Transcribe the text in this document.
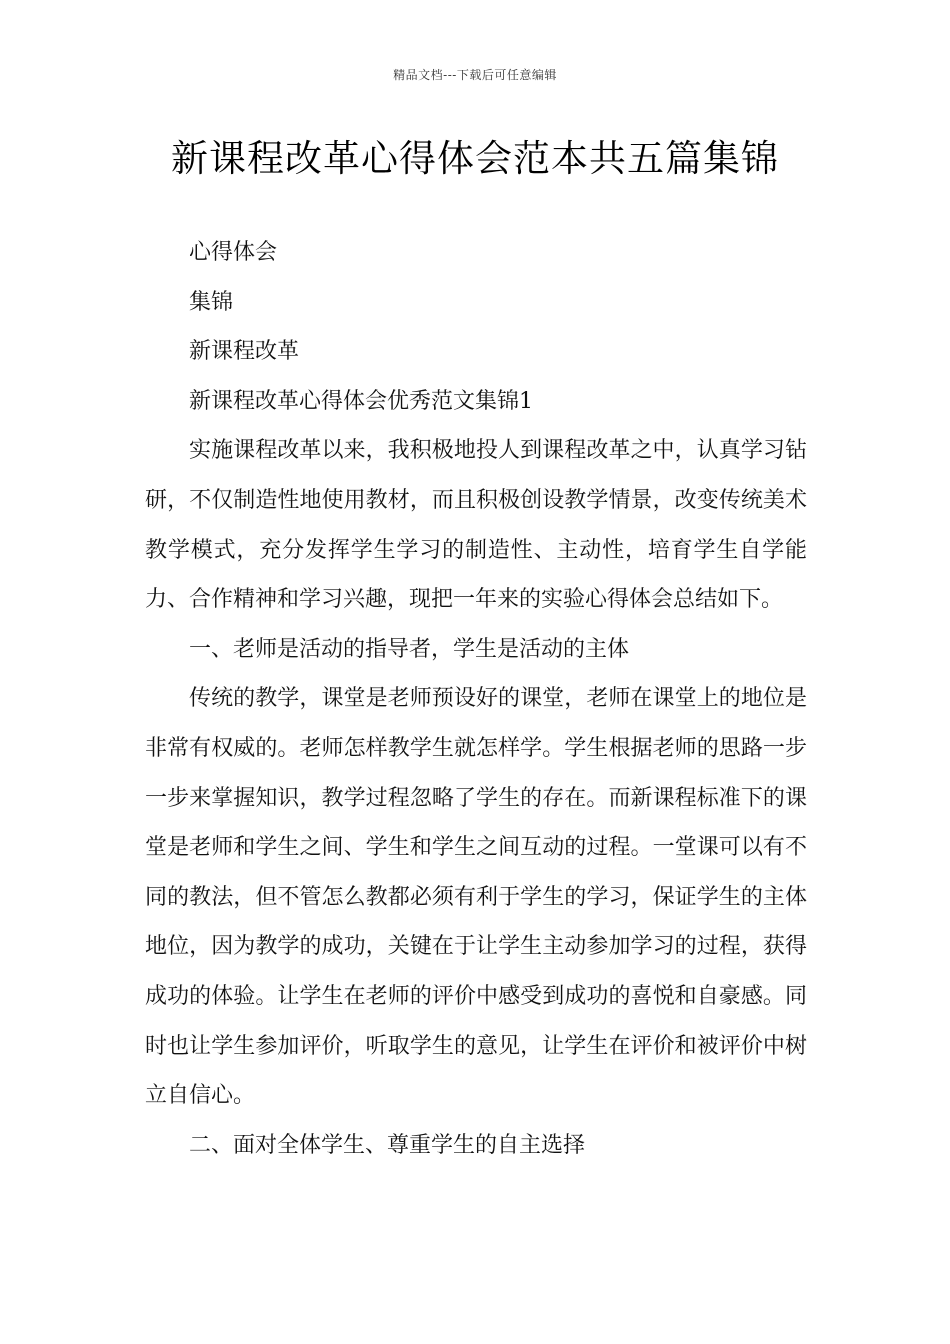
精品文档---下载后可任意编辑
新课程改革心得体会范本共五篇集锦

心得体会

集锦

新课程改革

新课程改革心得体会优秀范文集锦1

实施课程改革以来，我积极地投人到课程改革之中，认真学习钻研，不仅制造性地使用教材，而且积极创设教学情景，改变传统美术教学模式，充分发挥学生学习的制造性、主动性，培育学生自学能力、合作精神和学习兴趣，现把一年来的实验心得体会总结如下。

一、老师是活动的指导者，学生是活动的主体

传统的教学，课堂是老师预设好的课堂，老师在课堂上的地位是非常有权威的。老师怎样教学生就怎样学。学生根据老师的思路一步一步来掌握知识，教学过程忽略了学生的存在。而新课程标准下的课堂是老师和学生之间、学生和学生之间互动的过程。一堂课可以有不同的教法，但不管怎么教都必须有利于学生的学习，保证学生的主体地位，因为教学的成功，关键在于让学生主动参加学习的过程，获得成功的体验。让学生在老师的评价中感受到成功的喜悦和自豪感。同时也让学生参加评价，听取学生的意见，让学生在评价和被评价中树立自信心。

二、面对全体学生、尊重学生的自主选择
